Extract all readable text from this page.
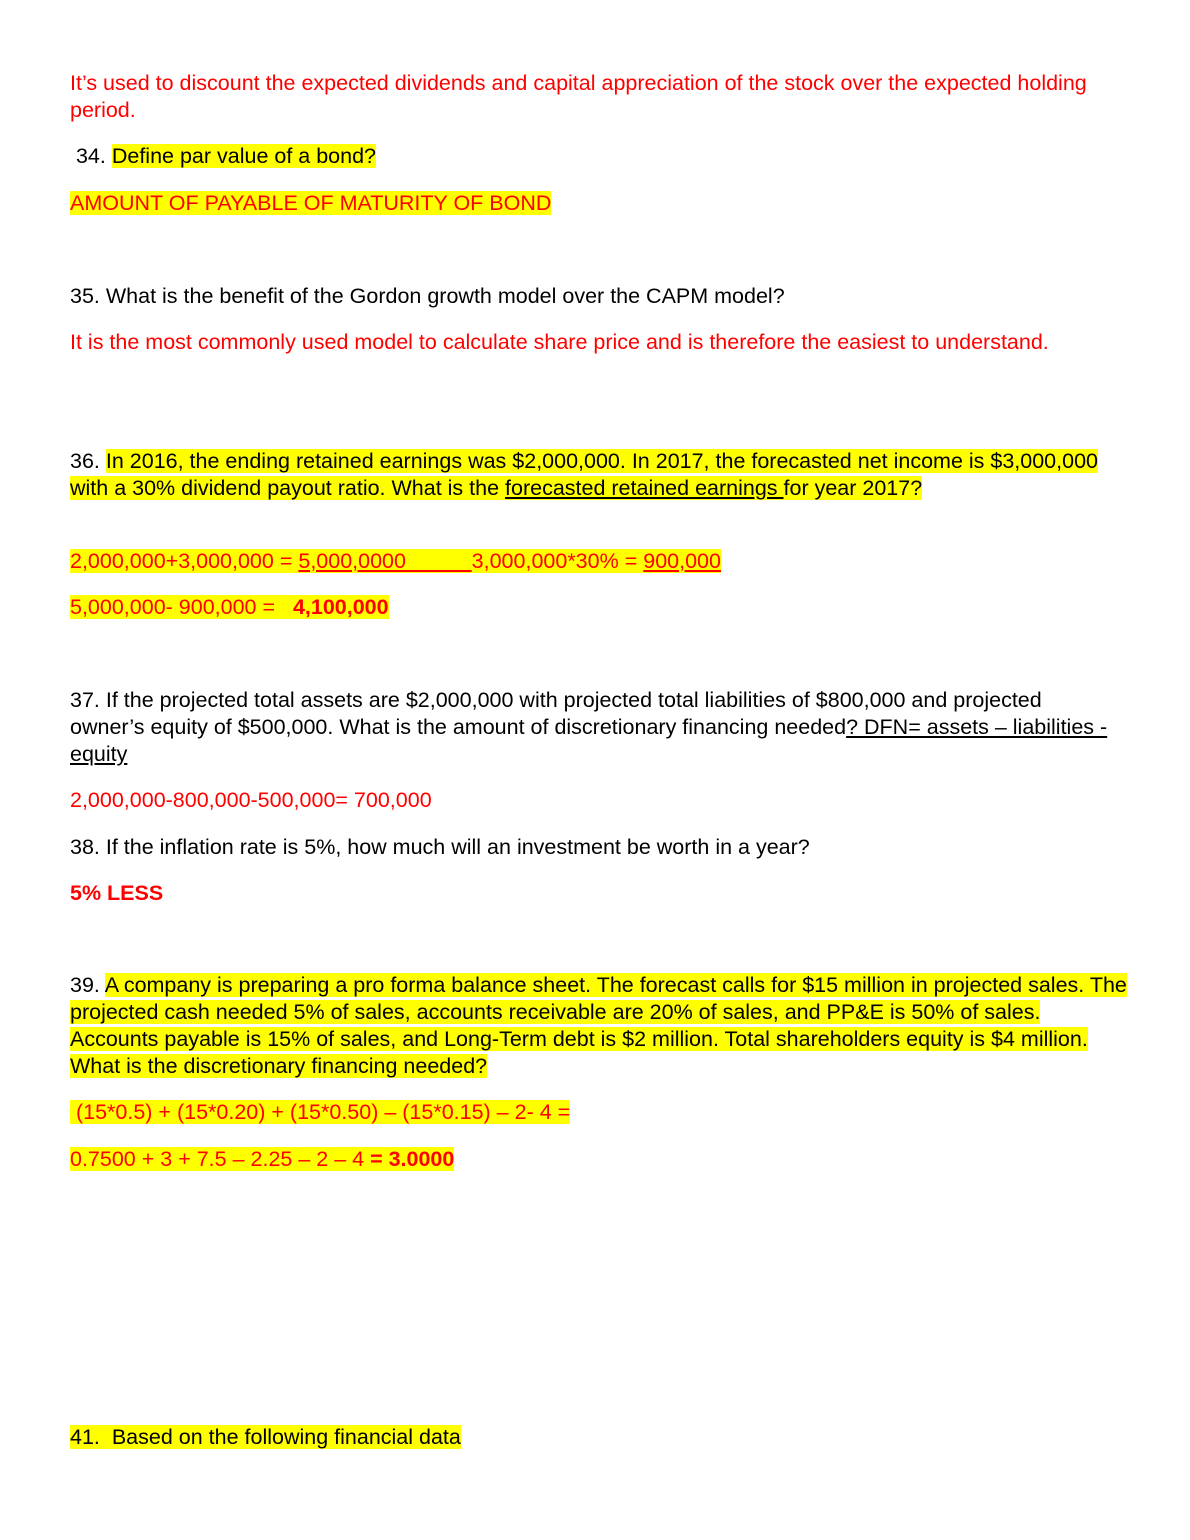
It’s used to discount the expected dividends and capital appreciation of the stock over the expected holding period.

34. Define par value of a bond?

AMOUNT OF PAYABLE OF MATURITY OF BOND

35. What is the benefit of the Gordon growth model over the CAPM model?

It is the most commonly used model to calculate share price and is therefore the easiest to understand.

36. In 2016, the ending retained earnings was $2,000,000. In 2017, the forecasted net income is $3,000,000 with a 30% dividend payout ratio. What is the forecasted retained earnings for year 2017?

2,000,000+3,000,000 = 5,000,0000           3,000,000*30% = 900,000

5,000,000- 900,000 =   4,100,000

37. If the projected total assets are $2,000,000 with projected total liabilities of $800,000 and projected owner’s equity of $500,000. What is the amount of discretionary financing needed? DFN= assets – liabilities - equity

2,000,000-800,000-500,000= 700,000

38. If the inflation rate is 5%, how much will an investment be worth in a year?

5% LESS

39. A company is preparing a pro forma balance sheet. The forecast calls for $15 million in projected sales. The projected cash needed 5% of sales, accounts receivable are 20% of sales, and PP&E is 50% of sales. Accounts payable is 15% of sales, and Long-Term debt is $2 million. Total shareholders equity is $4 million. What is the discretionary financing needed?

(15*0.5) + (15*0.20) + (15*0.50) – (15*0.15) – 2- 4 =

0.7500 + 3 + 7.5 – 2.25 – 2 – 4 = 3.0000

41.  Based on the following financial data
